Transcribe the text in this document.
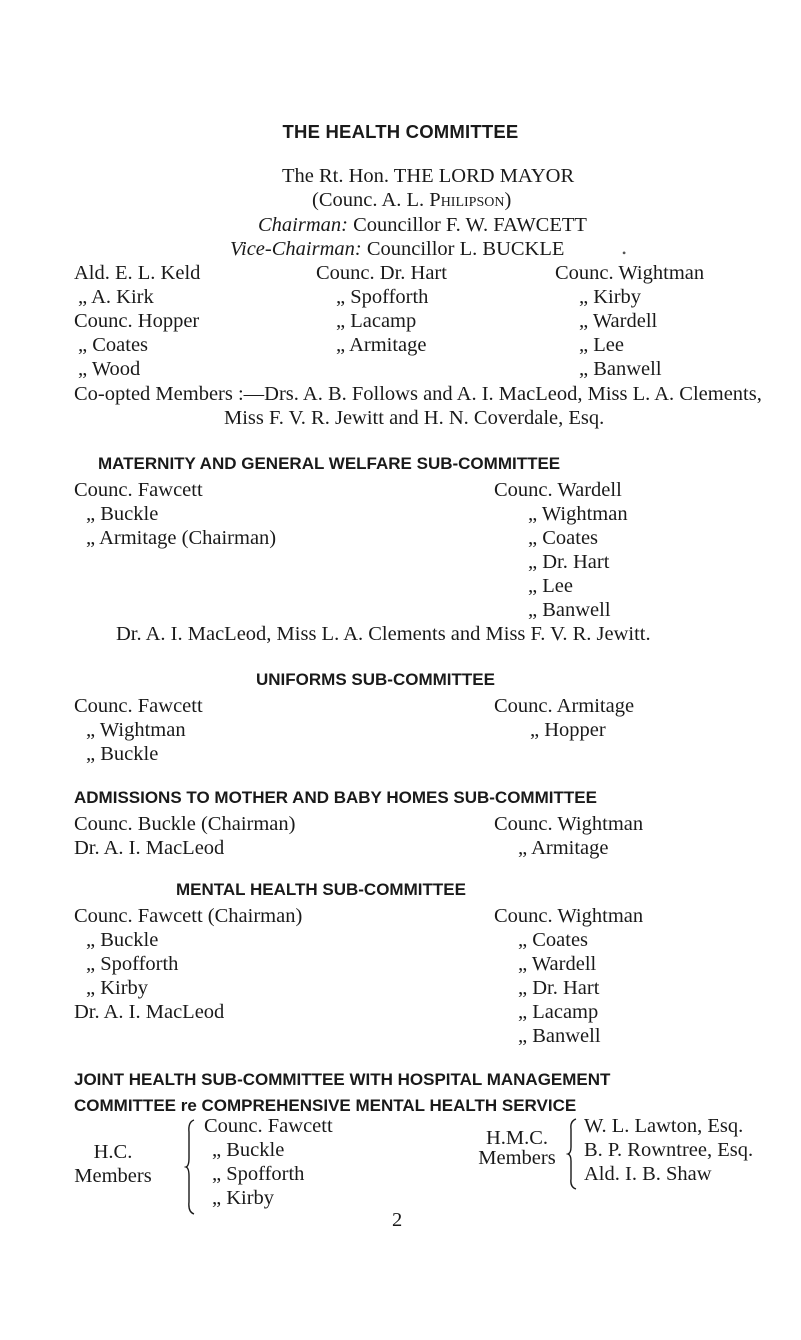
THE HEALTH COMMITTEE
The Rt. Hon. THE LORD MAYOR
(Counc. A. L. Philipson)
Chairman: Councillor F. W. FAWCETT
Vice-Chairman: Councillor L. BUCKLE	•
Ald. E. L. Keld
„ A. Kirk
Counc. Hopper
„ Coates
„ Wood
Counc. Dr. Hart
„ Spofforth
„ Lacamp
„ Armitage
Counc. Wightman
„ Kirby
„ Wardell
„ Lee
„ Banwell
Co-opted Members :—Drs. A. B. Follows and A. I. MacLeod, Miss L. A. Clements,
Miss F. V. R. Jewitt and H. N. Coverdale, Esq.
MATERNITY AND GENERAL WELFARE SUB-COMMITTEE
Counc. Fawcett
„ Buckle
„ Armitage (Chairman)
Counc. Wardell
„ Wightman
„ Coates
„ Dr. Hart
„ Lee
„ Banwell
Dr. A. I. MacLeod, Miss L. A. Clements and Miss F. V. R. Jewitt.
UNIFORMS SUB-COMMITTEE
Counc. Fawcett
„ Wightman
„ Buckle
Counc. Armitage
„ Hopper
ADMISSIONS TO MOTHER AND BABY HOMES SUB-COMMITTEE
Counc. Buckle (Chairman)
Dr. A. I. MacLeod
Counc. Wightman
„ Armitage
MENTAL HEALTH SUB-COMMITTEE
Counc. Fawcett (Chairman)
„ Buckle
„ Spofforth
„ Kirby
Dr. A. I. MacLeod
Counc. Wightman
„ Coates
„ Wardell
„ Dr. Hart
„ Lacamp
„ Banwell
JOINT HEALTH SUB-COMMITTEE WITH HOSPITAL MANAGEMENT
COMMITTEE re COMPREHENSIVE MENTAL HEALTH SERVICE
H.C.
Members
Counc. Fawcett
„ Buckle
„ Spofforth
„ Kirby
H.M.C.
Members
W. L. Lawton, Esq.
B. P. Rowntree, Esq.
Ald. I. B. Shaw
2
